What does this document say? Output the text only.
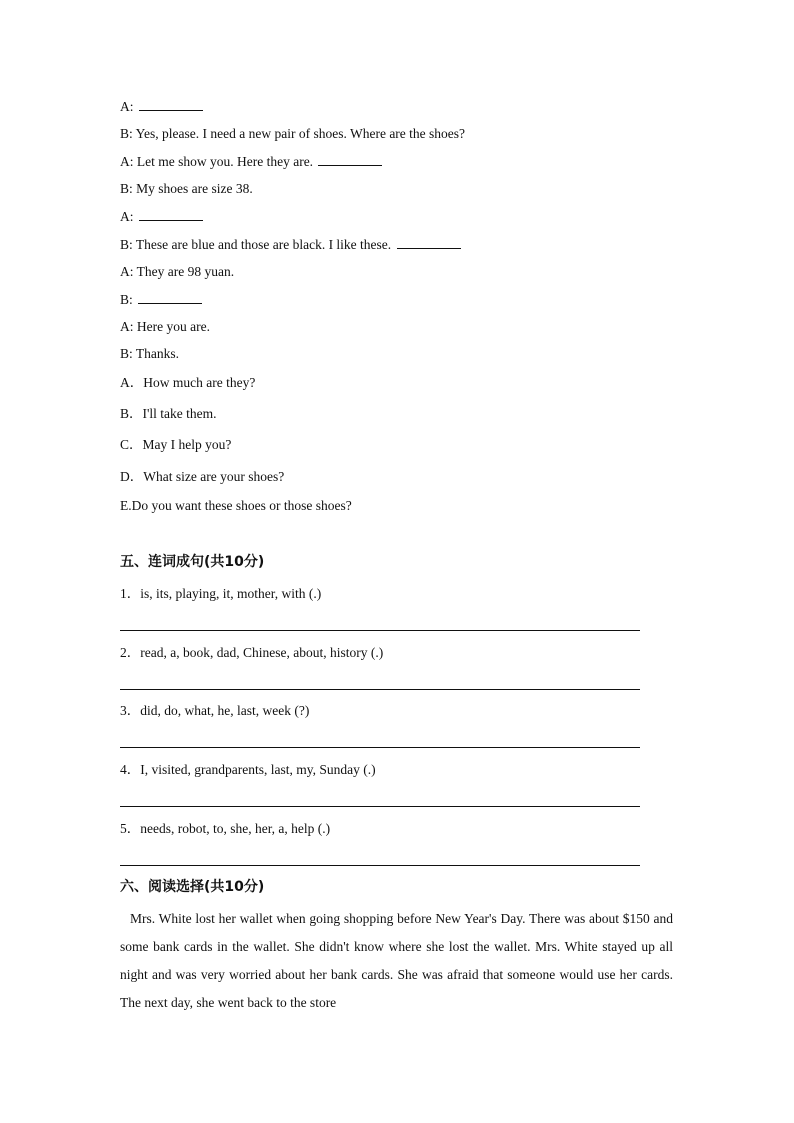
A:
B: Yes, please. I need a new pair of shoes. Where are the shoes?
A: Let me show you. Here they are.
B: My shoes are size 38.
A:
B: These are blue and those are black. I like these.
A: They are 98 yuan.
B:
A: Here you are.
B: Thanks.
A．How much are they?
B．I'll take them.
C．May I help you?
D．What size are your shoes?
E.Do you want these shoes or those shoes?
五、连词成句(共10分)
1．is, its, playing, it, mother, with (.)
2．read, a, book, dad, Chinese, about, history (.)
3．did, do, what, he, last, week (?)
4．I, visited, grandparents, last, my, Sunday (.)
5．needs, robot, to, she, her, a, help (.)
六、阅读选择(共10分)
Mrs. White lost her wallet when going shopping before New Year's Day. There was about $150 and some bank cards in the wallet. She didn't know where she lost the wallet. Mrs. White stayed up all night and was very worried about her bank cards. She was afraid that someone would use her cards. The next day, she went back to the store
